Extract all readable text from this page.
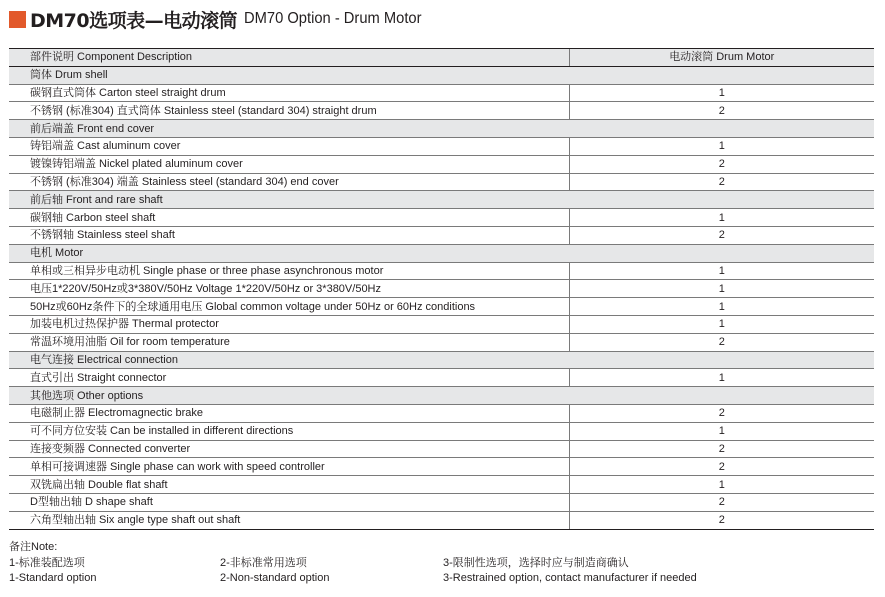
DM70选项表—电动滚筒 DM70 Option - Drum Motor
部件说明 Component Description	电动滚筒 Drum Motor
筒体 Drum shell	
碳钢直式筒体 Carton steel straight drum	1
不锈钢 (标准304) 直式筒体 Stainless steel (standard 304) straight drum	2
前后端盖 Front end cover	
铸铝端盖 Cast aluminum cover	1
镀镍铸铝端盖 Nickel plated aluminum cover	2
不锈钢 (标准304) 端盖 Stainless steel (standard 304) end cover	2
前后轴 Front and rare shaft	
碳钢轴 Carbon steel shaft	1
不锈钢轴 Stainless steel shaft	2
电机 Motor	
单相或三相异步电动机 Single phase or three phase asynchronous motor	1
电压1*220V/50Hz或3*380V/50Hz Voltage 1*220V/50Hz or 3*380V/50Hz	1
50Hz或60Hz条件下的全球通用电压 Global common voltage under 50Hz or 60Hz conditions	1
加装电机过热保护器 Thermal protector	1
常温环境用油脂 Oil for room temperature	2
电气连接 Electrical connection	
直式引出 Straight connector	1
其他选项 Other options	
电磁制止器 Electromagnectic brake	2
可不同方位安装 Can be installed in different directions	1
连接变频器 Connected converter	2
单相可接调速器 Single phase can work with speed controller	2
双铣扁出轴 Double flat shaft	1
D型轴出轴 D shape shaft	2
六角型轴出轴 Six angle type shaft out shaft	2
备注Note:
1-标准装配选项
1-Standard option
2-非标准常用选项
2-Non-standard option
3-限制性选项，选择时应与制造商确认
3-Restrained option, contact manufacturer if needed
